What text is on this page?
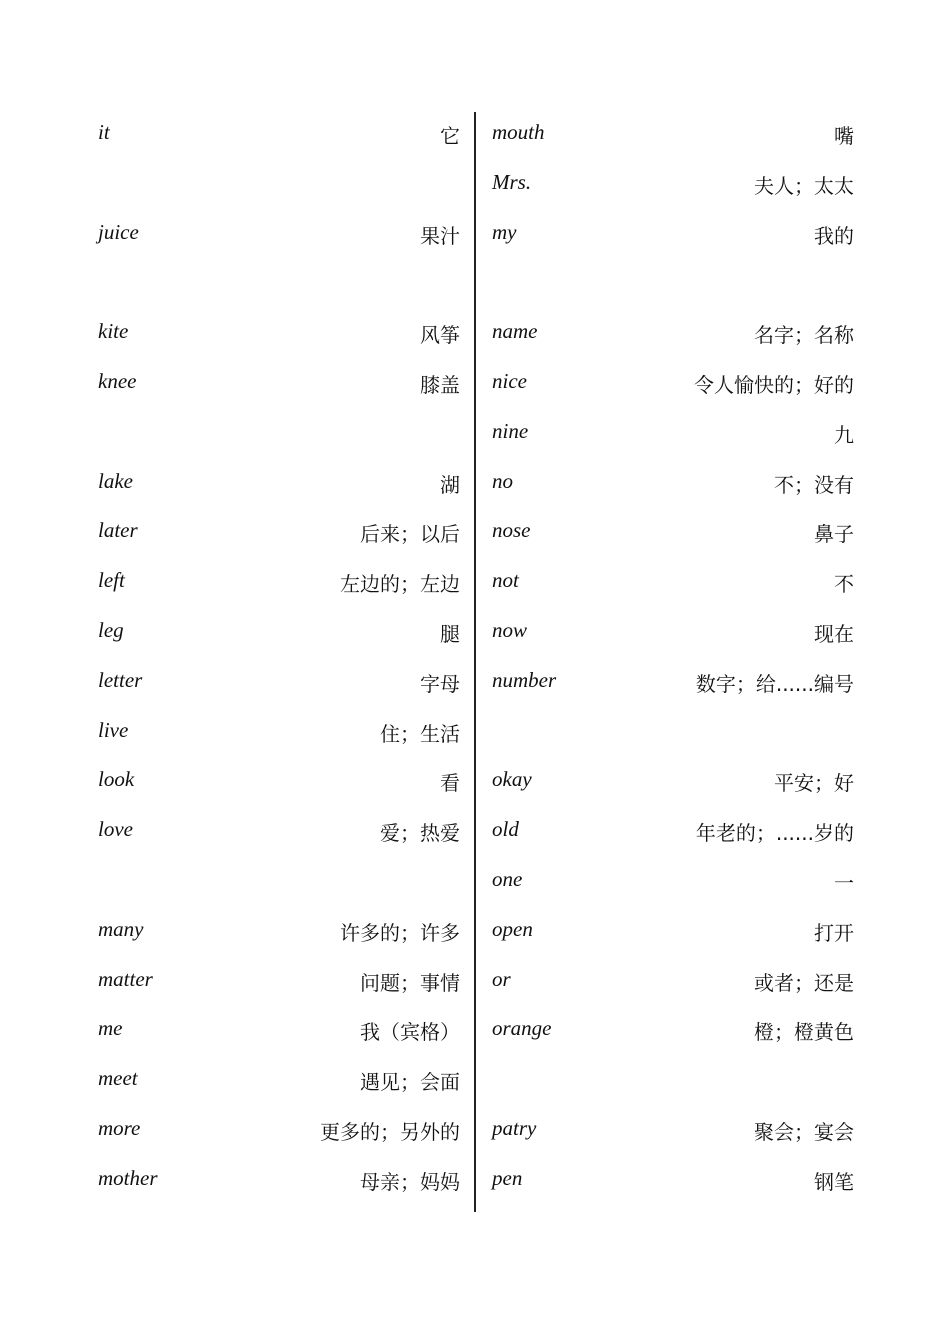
it	它
juice	果汁
kite	风筝
knee	膝盖
lake	湖
later	后来；以后
left	左边的；左边
leg	腿
letter	字母
live	住；生活
look	看
love	爱；热爱
many	许多的；许多
matter	问题；事情
me	我（宾格）
meet	遇见；会面
more	更多的；另外的
mother	母亲；妈妈
mouth	嘴
Mrs.	夫人；太太
my	我的
name	名字；名称
nice	令人愉快的；好的
nine	九
no	不；没有
nose	鼻子
not	不
now	现在
number	数字；给......编号
okay	平安；好
old	年老的；......岁的
one	一
open	打开
or	或者；还是
orange	橙；橙黄色
patry	聚会；宴会
pen	钢笔
